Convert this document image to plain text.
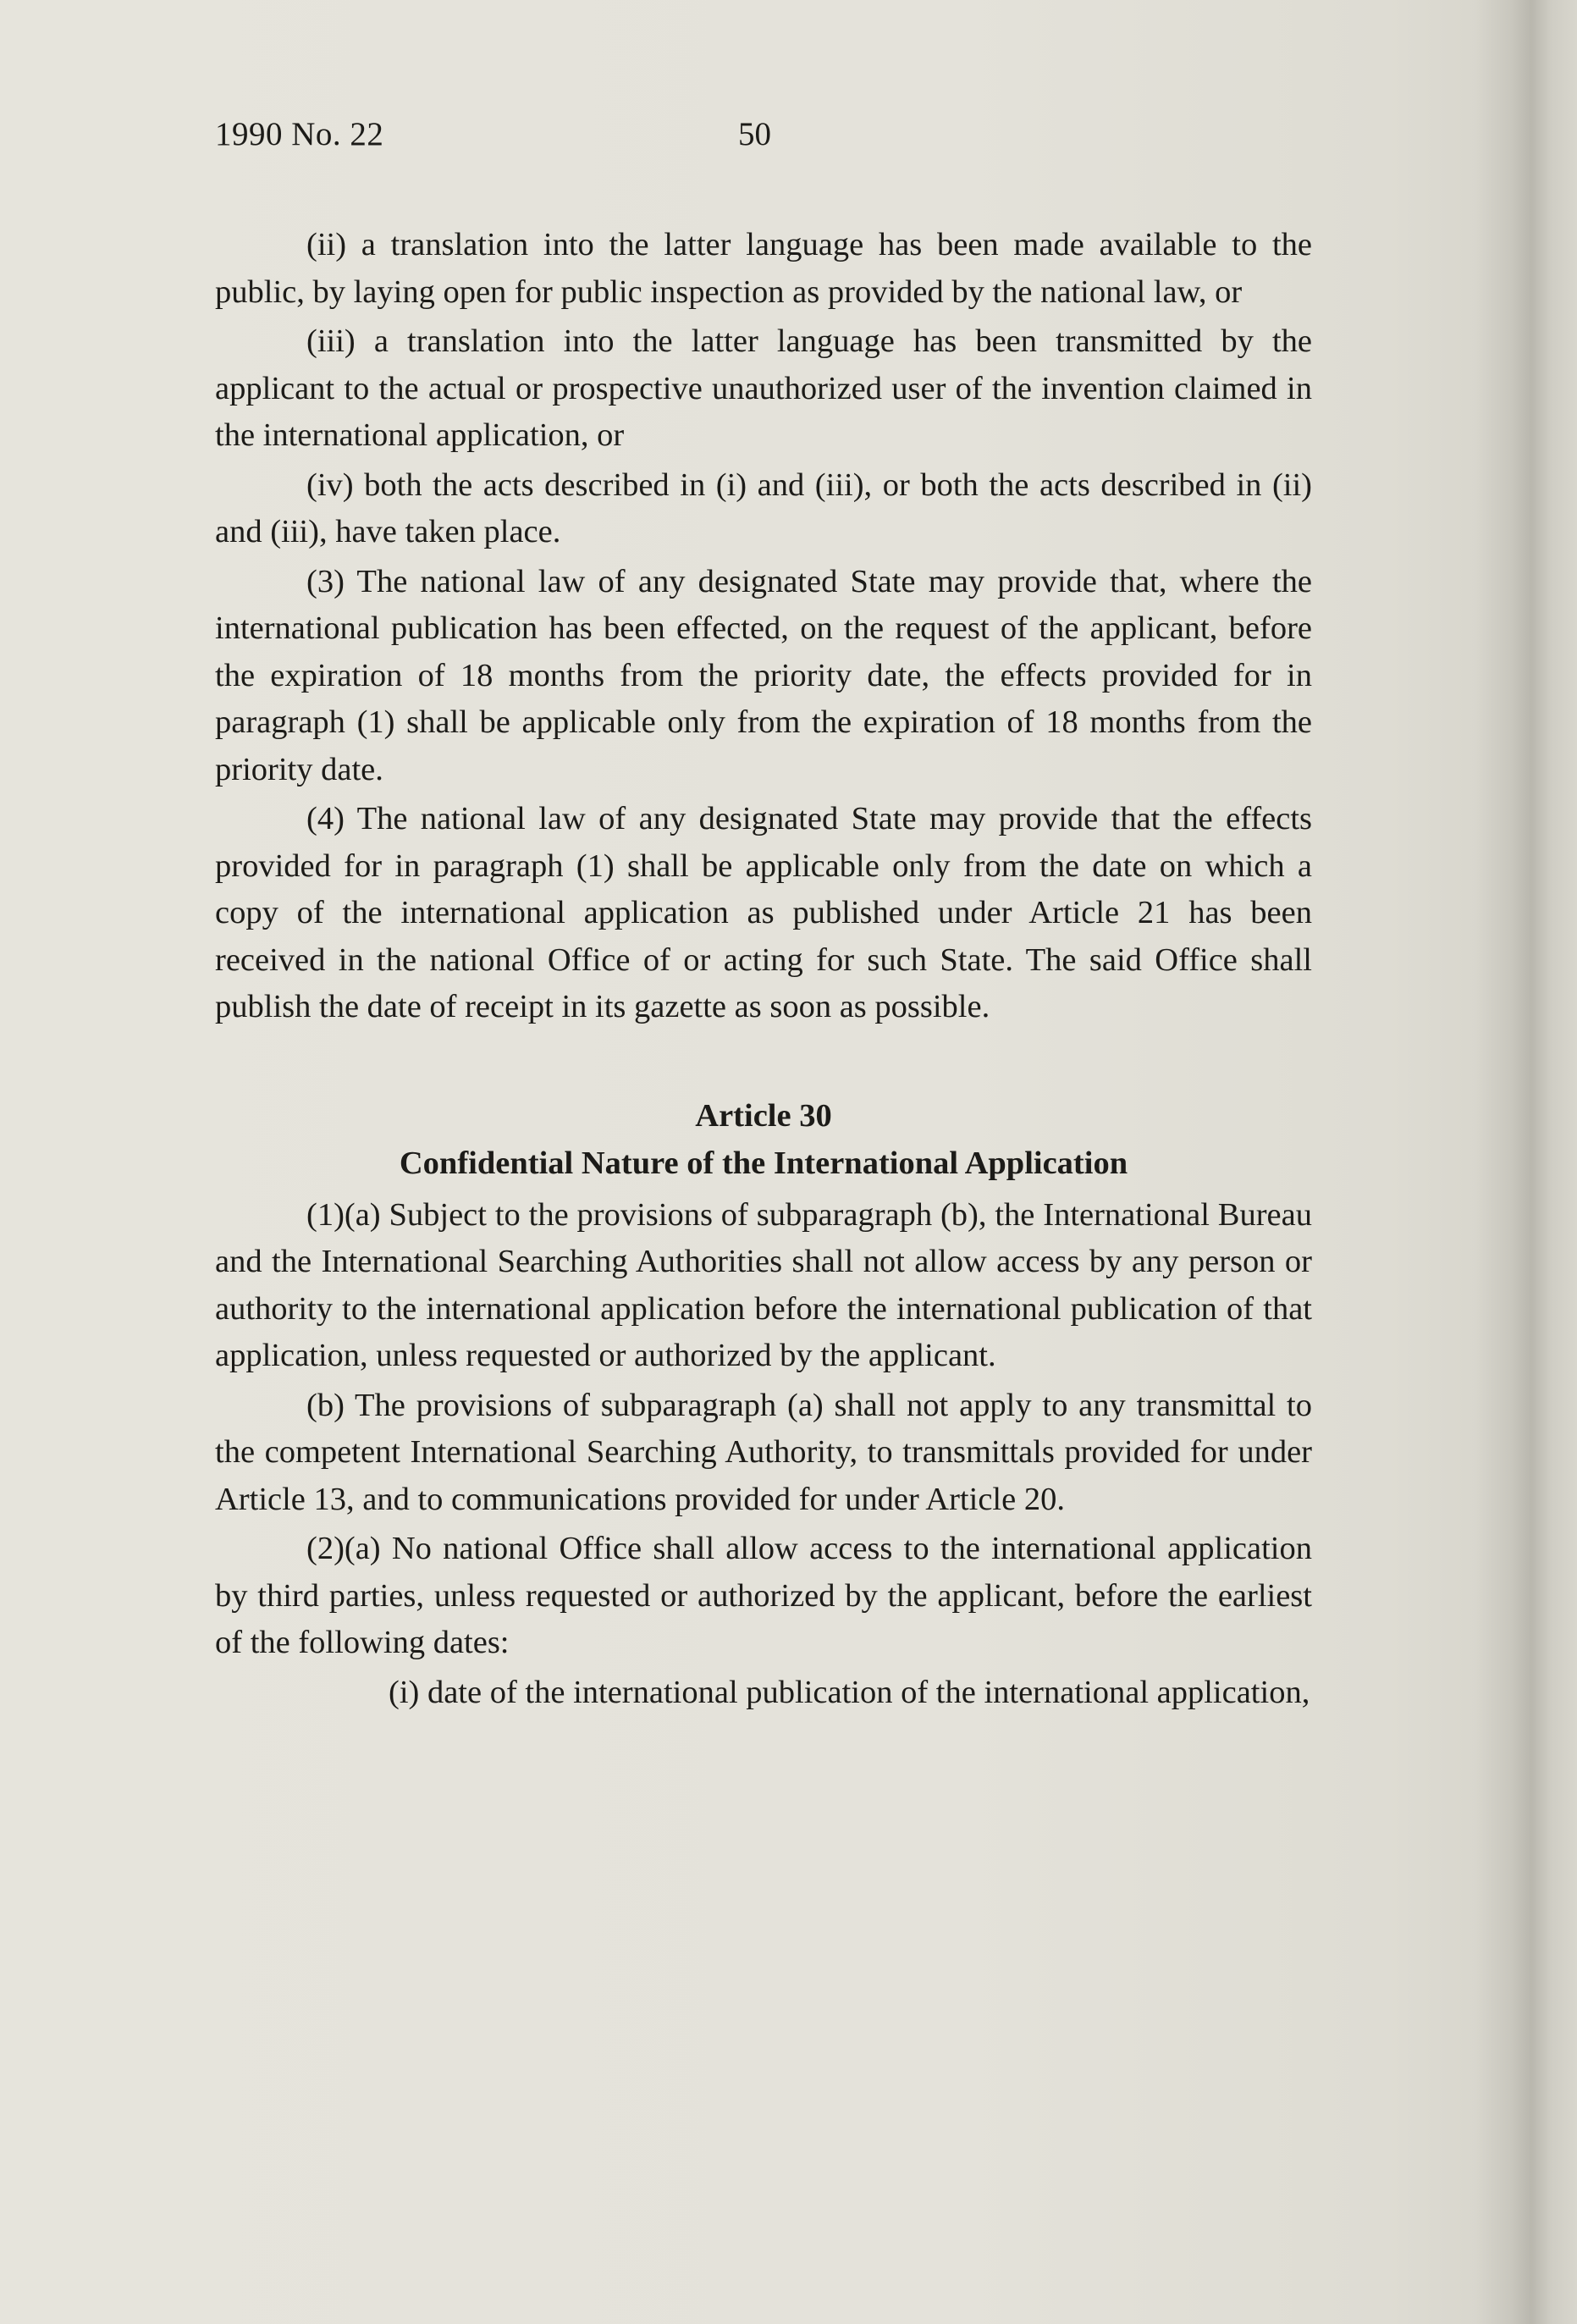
1990 No. 22	50

(ii) a translation into the latter language has been made available to the public, by laying open for public inspection as provided by the national law, or

(iii) a translation into the latter language has been transmitted by the applicant to the actual or prospective unauthorized user of the invention claimed in the international application, or

(iv) both the acts described in (i) and (iii), or both the acts described in (ii) and (iii), have taken place.

(3) The national law of any designated State may provide that, where the international publication has been effected, on the request of the applicant, before the expiration of 18 months from the priority date, the effects provided for in paragraph (1) shall be applicable only from the expiration of 18 months from the priority date.

(4) The national law of any designated State may provide that the effects provided for in paragraph (1) shall be applicable only from the date on which a copy of the international application as published under Article 21 has been received in the national Office of or acting for such State. The said Office shall publish the date of receipt in its gazette as soon as possible.

Article 30

Confidential Nature of the International Application

(1)(a) Subject to the provisions of subparagraph (b), the International Bureau and the International Searching Authorities shall not allow access by any person or authority to the international application before the international publication of that application, unless requested or authorized by the applicant.

(b) The provisions of subparagraph (a) shall not apply to any transmittal to the competent International Searching Authority, to transmittals provided for under Article 13, and to communications provided for under Article 20.

(2)(a) No national Office shall allow access to the international application by third parties, unless requested or authorized by the applicant, before the earliest of the following dates:

(i) date of the international publication of the international application,
